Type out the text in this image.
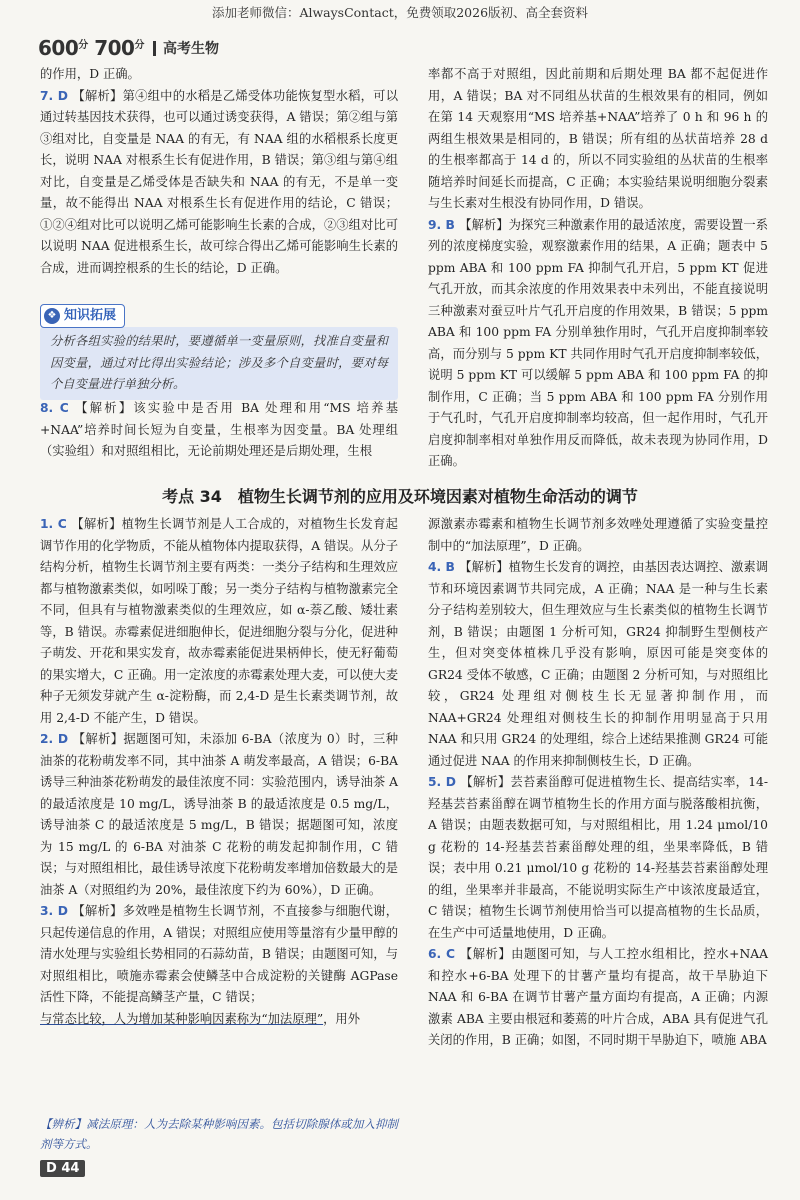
添加老师微信：AlwaysContact，免费领取2026版初、高全套资料
$600^分$ $700^分$ 高考生物

的作用，D 正确。

7. D 【解析】第④组中的水稻是乙烯受体功能恢复型水稻，可以通过转基因技术获得，也可以通过诱变获得，A 错误；第②组与第③组对比，自变量是 NAA 的有无，有 NAA 组的水稻根系长度更长，说明 NAA 对根系生长有促进作用，B 错误；第③组与第④组对比，自变量是乙烯受体是否缺失和 NAA 的有无，不是单一变量，故不能得出 NAA 对根系生长有促进作用的结论，C 错误；①②④组对比可以说明乙烯可能影响生长素的合成，②③组对比可以说明 NAA 促进根系生长，故可综合得出乙烯可能影响生长素的合成，进而调控根系的生长的结论，D 正确。

❖ 知识拓展
分析各组实验的结果时，要遵循单一变量原则，找准自变量和因变量，通过对比得出实验结论；涉及多个自变量时，要对每个自变量进行单独分析。

8. C 【解析】该实验中是否用 BA 处理和用“MS 培养基+NAA”培养时间长短为自变量，生根率为因变量。BA 处理组（实验组）和对照组相比，无论前期处理还是后期处理，生根

率都不高于对照组，因此前期和后期处理 BA 都不起促进作用，A 错误；BA 对不同组丛状苗的生根效果有的相同，例如在第 14 天观察用“MS 培养基+NAA”培养了 0 h 和 96 h 的两组生根效果是相同的，B 错误；所有组的丛状苗培养 28 d 的生根率都高于 14 d 的，所以不同实验组的丛状苗的生根率随培养时间延长而提高，C 正确；本实验结果说明细胞分裂素与生长素对生根没有协同作用，D 错误。

9. B 【解析】为探究三种激素作用的最适浓度，需要设置一系列的浓度梯度实验，观察激素作用的结果，A 正确；题表中 5 ppm ABA 和 100 ppm FA 抑制气孔开启，5 ppm KT 促进气孔开放，而其余浓度的作用效果表中未列出，不能直接说明三种激素对蚕豆叶片气孔开启度的作用效果，B 错误；5 ppm ABA 和 100 ppm FA 分别单独作用时，气孔开启度抑制率较高，而分别与 5 ppm KT 共同作用时气孔开启度抑制率较低，说明 5 ppm KT 可以缓解 5 ppm ABA 和 100 ppm FA 的抑制作用，C 正确；当 5 ppm ABA 和 100 ppm FA 分别作用于气孔时，气孔开启度抑制率均较高，但一起作用时，气孔开启度抑制率相对单独作用反而降低，故未表现为协同作用，D 正确。

考点 34　植物生长调节剂的应用及环境因素对植物生命活动的调节

1. C 【解析】植物生长调节剂是人工合成的，对植物生长发育起调节作用的化学物质，不能从植物体内提取获得，A 错误。从分子结构分析，植物生长调节剂主要有两类：一类分子结构和生理效应都与植物激素类似，如吲哚丁酸；另一类分子结构与植物激素完全不同，但具有与植物激素类似的生理效应，如 α-萘乙酸、矮壮素等，B 错误。赤霉素促进细胞伸长，促进细胞分裂与分化，促进种子萌发、开花和果实发育，故赤霉素能促进果柄伸长，使无籽葡萄的果实增大，C 正确。用一定浓度的赤霉素处理大麦，可以使大麦种子无须发芽就产生 α-淀粉酶，而 2,4-D 是生长素类调节剂，故用 2,4-D 不能产生，D 错误。

2. D 【解析】据题图可知，未添加 6-BA（浓度为 0）时，三种油茶的花粉萌发率不同，其中油茶 A 萌发率最高，A 错误；6-BA 诱导三种油茶花粉萌发的最佳浓度不同：实验范围内，诱导油茶 A 的最适浓度是 10 mg/L，诱导油茶 B 的最适浓度是 0.5 mg/L，诱导油茶 C 的最适浓度是 5 mg/L，B 错误；据题图可知，浓度为 15 mg/L 的 6-BA 对油茶 C 花粉的萌发起抑制作用，C 错误；与对照组相比，最佳诱导浓度下花粉萌发率增加倍数最大的是油茶 A（对照组约为 20%，最佳浓度下约为 60%），D 正确。

3. D 【解析】多效唑是植物生长调节剂，不直接参与细胞代谢，只起传递信息的作用，A 错误；对照组应使用等量溶有少量甲醇的清水处理与实验组长势相同的石蒜幼苗，B 错误；由题图可知，与对照组相比，喷施赤霉素会使鳞茎中合成淀粉的关键酶 AGPase 活性下降，不能提高鳞茎产量，C 错误；

与常态比较，人为增加某种影响因素称为“加法原理”，用外

【辨析】减法原理：人为去除某种影响因素。包括切除腺体或加入抑制剂等方式。

源激素赤霉素和植物生长调节剂多效唑处理遵循了实验变量控制中的“加法原理”，D 正确。

4. B 【解析】植物生长发育的调控，由基因表达调控、激素调节和环境因素调节共同完成，A 正确；NAA 是一种与生长素分子结构差别较大，但生理效应与生长素类似的植物生长调节剂，B 错误；由题图 1 分析可知，GR24 抑制野生型侧枝产生，但对突变体植株几乎没有影响，原因可能是突变体的 GR24 受体不敏感，C 正确；由题图 2 分析可知，与对照组比较，GR24 处理组对侧枝生长无显著抑制作用，而 NAA+GR24 处理组对侧枝生长的抑制作用明显高于只用 NAA 和只用 GR24 的处理组，综合上述结果推测 GR24 可能通过促进 NAA 的作用来抑制侧枝生长，D 正确。

5. D 【解析】芸苔素甾醇可促进植物生长、提高结实率，14-羟基芸苔素甾醇在调节植物生长的作用方面与脱落酸相抗衡，A 错误；由题表数据可知，与对照组相比，用 1.24 μmol/10 g 花粉的 14-羟基芸苔素甾醇处理的组，坐果率降低，B 错误；表中用 0.21 μmol/10 g 花粉的 14-羟基芸苔素甾醇处理的组，坐果率并非最高，不能说明实际生产中该浓度最适宜，C 错误；植物生长调节剂使用恰当可以提高植物的生长品质，在生产中可适量地使用，D 正确。

6. C 【解析】由题图可知，与人工控水组相比，控水+NAA 和控水+6-BA 处理下的甘薯产量均有提高，故干旱胁迫下 NAA 和 6-BA 在调节甘薯产量方面均有提高，A 正确；内源激素 ABA 主要由根冠和萎蔫的叶片合成，ABA 具有促进气孔关闭的作用，B 正确；如图，不同时期干旱胁迫下，喷施 ABA

D 44
